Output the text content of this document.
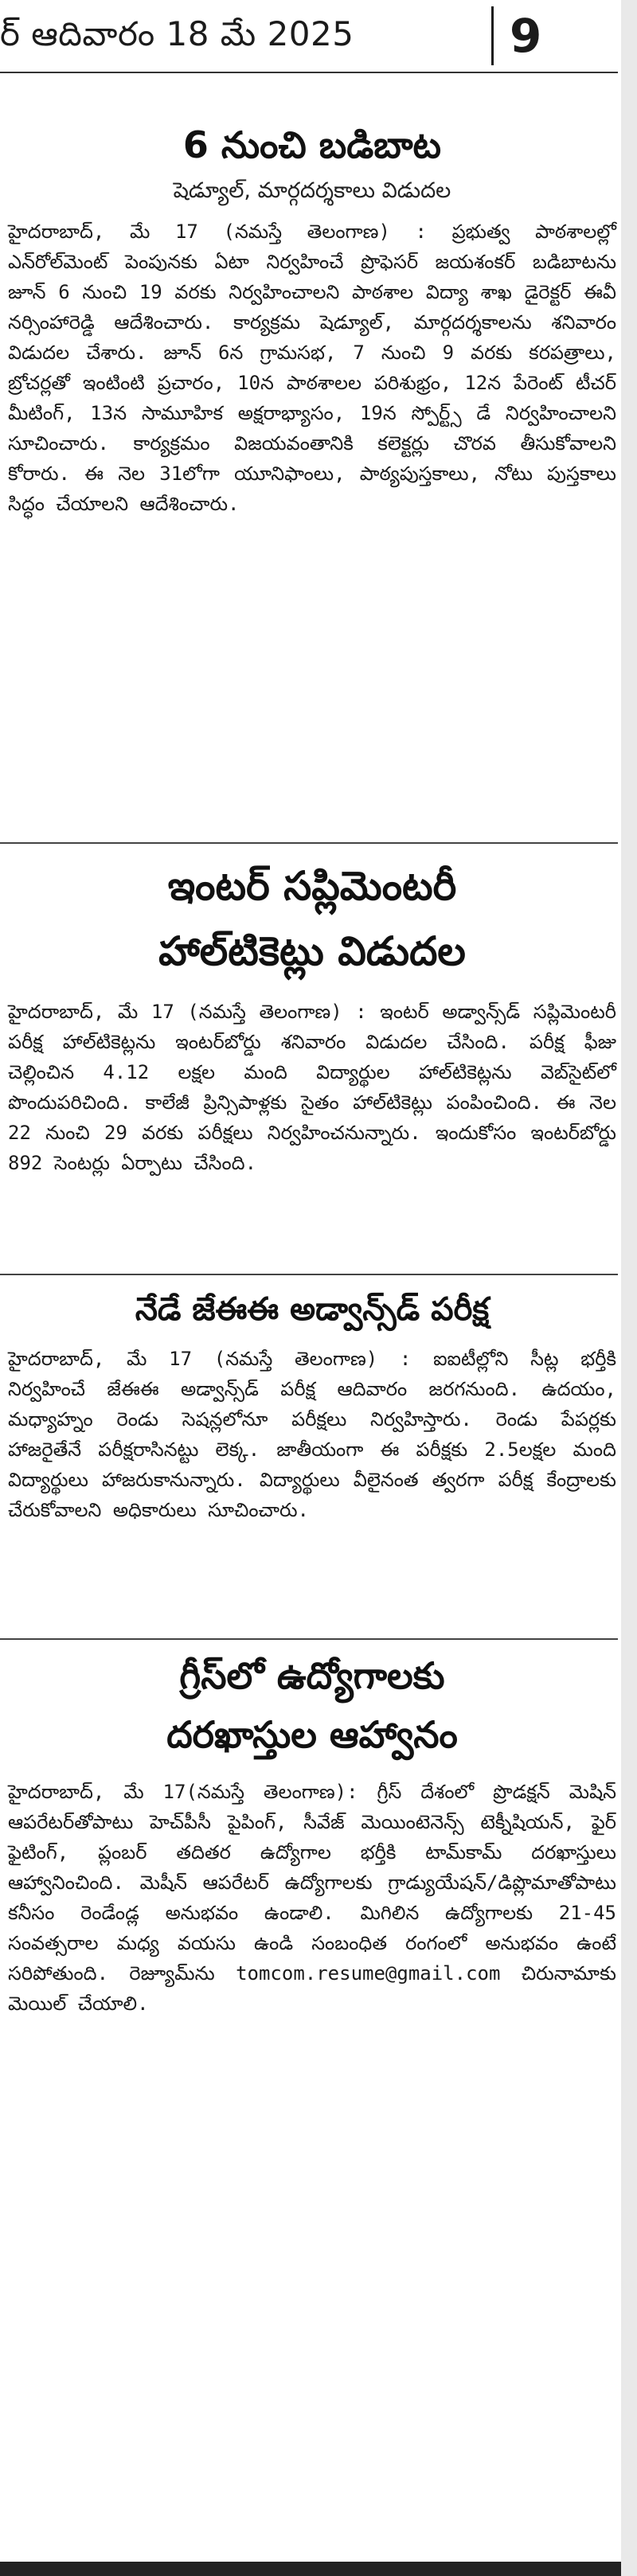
ర్ ఆదివారం 18 మే 2025	9
6 నుంచి బడిబాట
షెడ్యూల్, మార్గదర్శకాలు విడుదల
హైదరాబాద్, మే 17 (నమస్తే తెలంగాణ) : ప్రభుత్వ పాఠశాలల్లో ఎన్‌రోల్‌మెంట్ పెంపునకు ఏటా నిర్వహించే ప్రొఫెసర్ జయశంకర్ బడిబాటను జూన్ 6 నుంచి 19 వరకు నిర్వహించాలని పాఠశాల విద్యా శాఖ డైరెక్టర్ ఈవీ నర్సింహారెడ్డి ఆదేశించారు. కార్యక్రమ షెడ్యూల్, మార్గదర్శకాలను శనివారం విడుదల చేశారు. జూన్ 6న గ్రామసభ, 7 నుంచి 9 వరకు కరపత్రాలు, బ్రోచర్లతో ఇంటింటి ప్రచారం, 10న పాఠశాలల పరిశుభ్రం, 12న పేరెంట్ టీచర్ మీటింగ్, 13న సామూహిక అక్షరాభ్యాసం, 19న స్పోర్ట్స్ డే నిర్వహించాలని సూచించారు. కార్యక్రమం విజయవంతానికి కలెక్టర్లు చొరవ తీసుకోవాలని కోరారు. ఈ నెల 31లోగా యూనిఫాంలు, పాఠ్యపుస్తకాలు, నోటు పుస్తకాలు సిద్ధం చేయాలని ఆదేశించారు.
ఇంటర్ సప్లిమెంటరీ
హాల్‌టికెట్లు విడుదల
హైదరాబాద్, మే 17 (నమస్తే తెలంగాణ) : ఇంటర్ అడ్వాన్స్‌డ్ సప్లిమెంటరీ పరీక్ష హాల్‌టికెట్లను ఇంటర్‌బోర్డు శనివారం విడుదల చేసింది. పరీక్ష ఫీజు చెల్లించిన 4.12 లక్షల మంది విద్యార్థుల హాల్‌టికెట్లను వెబ్‌సైట్‌లో పొందుపరిచింది. కాలేజీ ప్రిన్సిపాళ్లకు సైతం హాల్‌టికెట్లు పంపించింది. ఈ నెల 22 నుంచి 29 వరకు పరీక్షలు నిర్వహించనున్నారు. ఇందుకోసం ఇంటర్‌బోర్డు 892 సెంటర్లు ఏర్పాటు చేసింది.
నేడే జేఈఈ అడ్వాన్స్‌డ్ పరీక్ష
హైదరాబాద్, మే 17 (నమస్తే తెలంగాణ) : ఐఐటీల్లోని సీట్ల భర్తీకి నిర్వహించే జేఈఈ అడ్వాన్స్‌డ్ పరీక్ష ఆదివారం జరగనుంది. ఉదయం, మధ్యాహ్నం రెండు సెషన్లలోనూ పరీక్షలు నిర్వహిస్తారు. రెండు పేపర్లకు హాజరైతేనే పరీక్షరాసినట్టు లెక్క. జాతీయంగా ఈ పరీక్షకు 2.5లక్షల మంది విద్యార్థులు హాజరుకానున్నారు. విద్యార్థులు వీలైనంత త్వరగా పరీక్ష కేంద్రాలకు చేరుకోవాలని అధికారులు సూచించారు.
గ్రీస్‌లో ఉద్యోగాలకు
దరఖాస్తుల ఆహ్వానం
హైదరాబాద్, మే 17(నమస్తే తెలంగాణ): గ్రీస్ దేశంలో ప్రొడక్షన్ మెషిన్ ఆపరేటర్‌తోపాటు హెచ్‌పీసీ పైపింగ్, సీవేజ్ మెయింటెనెన్స్ టెక్నీషియన్, ఫైర్ ఫైటింగ్, ప్లంబర్ తదితర ఉద్యోగాల భర్తీకి టామ్‌కామ్ దరఖాస్తులు ఆహ్వానించింది. మెషీన్ ఆపరేటర్ ఉద్యోగాలకు గ్రాడ్యుయేషన్/డిప్లొమాతోపాటు కనీసం రెండేండ్ల అనుభవం ఉండాలి. మిగిలిన ఉద్యోగాలకు 21-45 సంవత్సరాల మధ్య వయసు ఉండి సంబంధిత రంగంలో అనుభవం ఉంటే సరిపోతుంది. రెజ్యూమ్‌ను tomcom.resume@gmail.com చిరునామాకు మెయిల్ చేయాలి.
